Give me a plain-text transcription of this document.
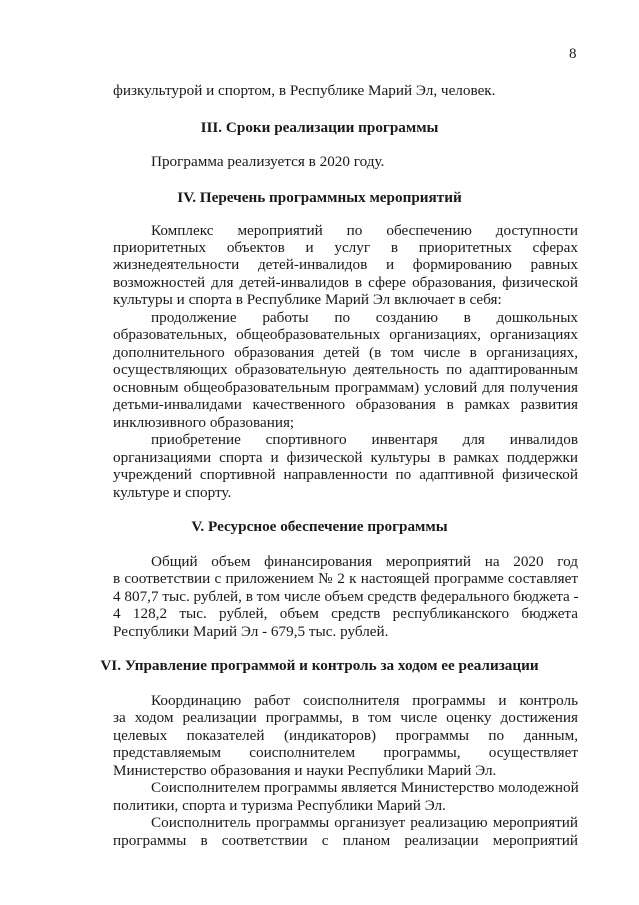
8
физкультурой и спортом, в Республике Марий Эл, человек.
III. Сроки реализации программы
Программа реализуется в 2020 году.
IV. Перечень программных мероприятий
Комплекс мероприятий по обеспечению доступности
приоритетных объектов и услуг в приоритетных сферах
жизнедеятельности детей-инвалидов и формированию равных
возможностей для детей-инвалидов в сфере образования, физической
культуры и спорта в Республике Марий Эл включает в себя:
продолжение работы по созданию в дошкольных
образовательных, общеобразовательных организациях, организациях
дополнительного образования детей (в том числе в организациях,
осуществляющих образовательную деятельность по адаптированным
основным общеобразовательным программам) условий для получения
детьми-инвалидами качественного образования в рамках развития
инклюзивного образования;
приобретение спортивного инвентаря для инвалидов
организациями спорта и физической культуры в рамках поддержки
учреждений спортивной направленности по адаптивной физической
культуре и спорту.
V. Ресурсное обеспечение программы
Общий объем финансирования мероприятий на 2020 год
в соответствии с приложением № 2 к настоящей программе составляет
4 807,7 тыс. рублей, в том числе объем средств федерального бюджета -
4 128,2 тыс. рублей, объем средств республиканского бюджета
Республики Марий Эл - 679,5 тыс. рублей.
VI. Управление программой и контроль за ходом ее реализации
Координацию работ соисполнителя программы и контроль
за ходом реализации программы, в том числе оценку достижения
целевых показателей (индикаторов) программы по данным,
представляемым соисполнителем программы, осуществляет
Министерство образования и науки Республики Марий Эл.
Соисполнителем программы является Министерство молодежной
политики, спорта и туризма Республики Марий Эл.
Соисполнитель программы организует реализацию мероприятий
программы в соответствии с планом реализации мероприятий
